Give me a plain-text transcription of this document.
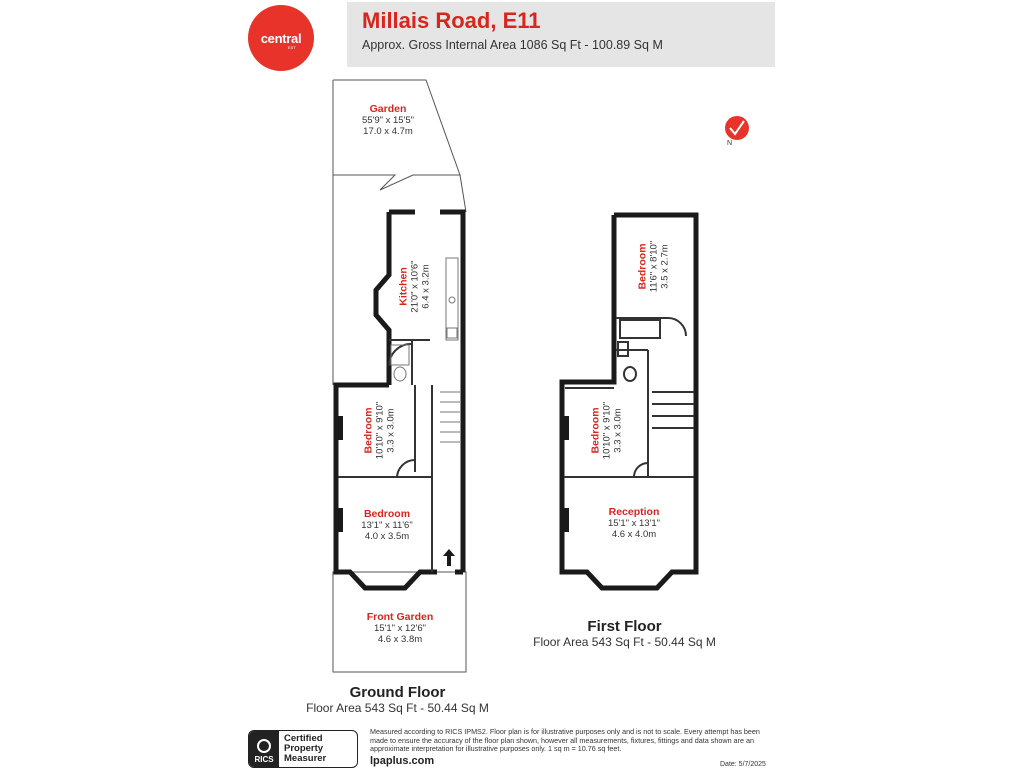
central
EST
Millais Road, E11
Approx. Gross Internal Area 1086 Sq Ft - 100.89 Sq M
N
Garden
55'9" x 15'5"
17.0 x 4.7m
Kitchen 21'0" x 10'6" 6.4 x 3.2m
Bedroom 10'10" x 9'10" 3.3 x 3.0m
Bedroom
13'1" x 11'6"
4.0 x 3.5m
Front Garden
15'1" x 12'6"
4.6 x 3.8m
Bedroom 11'6" x 8'10" 3.5 x 2.7m
Bedroom 10'10" x 9'10" 3.3 x 3.0m
Reception
15'1" x 13'1"
4.6 x 4.0m
Ground Floor
Floor Area 543 Sq Ft - 50.44 Sq M
First Floor
Floor Area 543 Sq Ft - 50.44 Sq M
RICS
Certified
Property
Measurer
Measured according to RICS IPMS2. Floor plan is for illustrative purposes only and is not to scale. Every attempt has been made to ensure the accuracy of the floor plan shown, however all measurements, fixtures, fittings and data shown are an approximate interpretation for illustrative purposes only. 1 sq m = 10.76 sq feet.
lpaplus.com	Date: 5/7/2025
